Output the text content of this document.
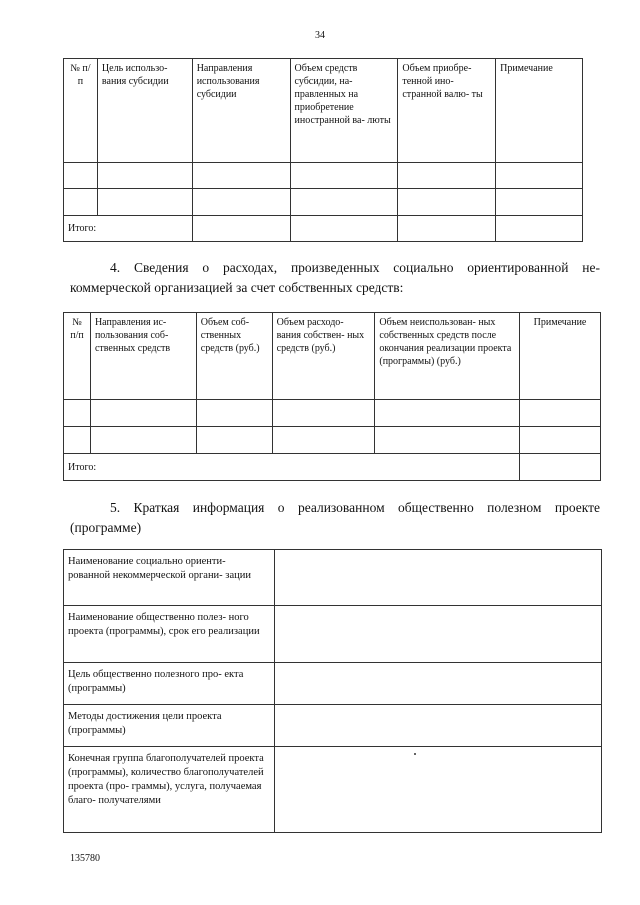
34
№ п/п	Цель использо- вания субсидии	Направления использования субсидии	Объем средств субсидии, на- правленных на приобретение иностранной ва- люты	Объем приобре- тенной ино- странной валю- ты	Примечание

Итого:					
4. Сведения о расходах, произведенных социально ориентированной не- коммерческой организацией за счет собственных средств:
№ п/п	Направления ис- пользования соб- ственных средств	Объем соб- ственных средств (руб.)	Объем расходо- вания собствен- ных средств (руб.)	Объем неиспользован- ных собственных средств после окончания реализации проекта (программы) (руб.)	Примечание

Итого:					
5. Краткая информация о реализованном общественно полезном проекте (программе)
Наименование социально ориенти- рованной некоммерческой органи- зации	
Наименование общественно полез- ного проекта (программы), срок его реализации	
Цель общественно полезного про- екта (программы)	
Методы достижения цели проекта (программы)	
Конечная группа благополучателей проекта (программы), количество благополучателей проекта (про- граммы), услуга, получаемая благо- получателями	
135780
